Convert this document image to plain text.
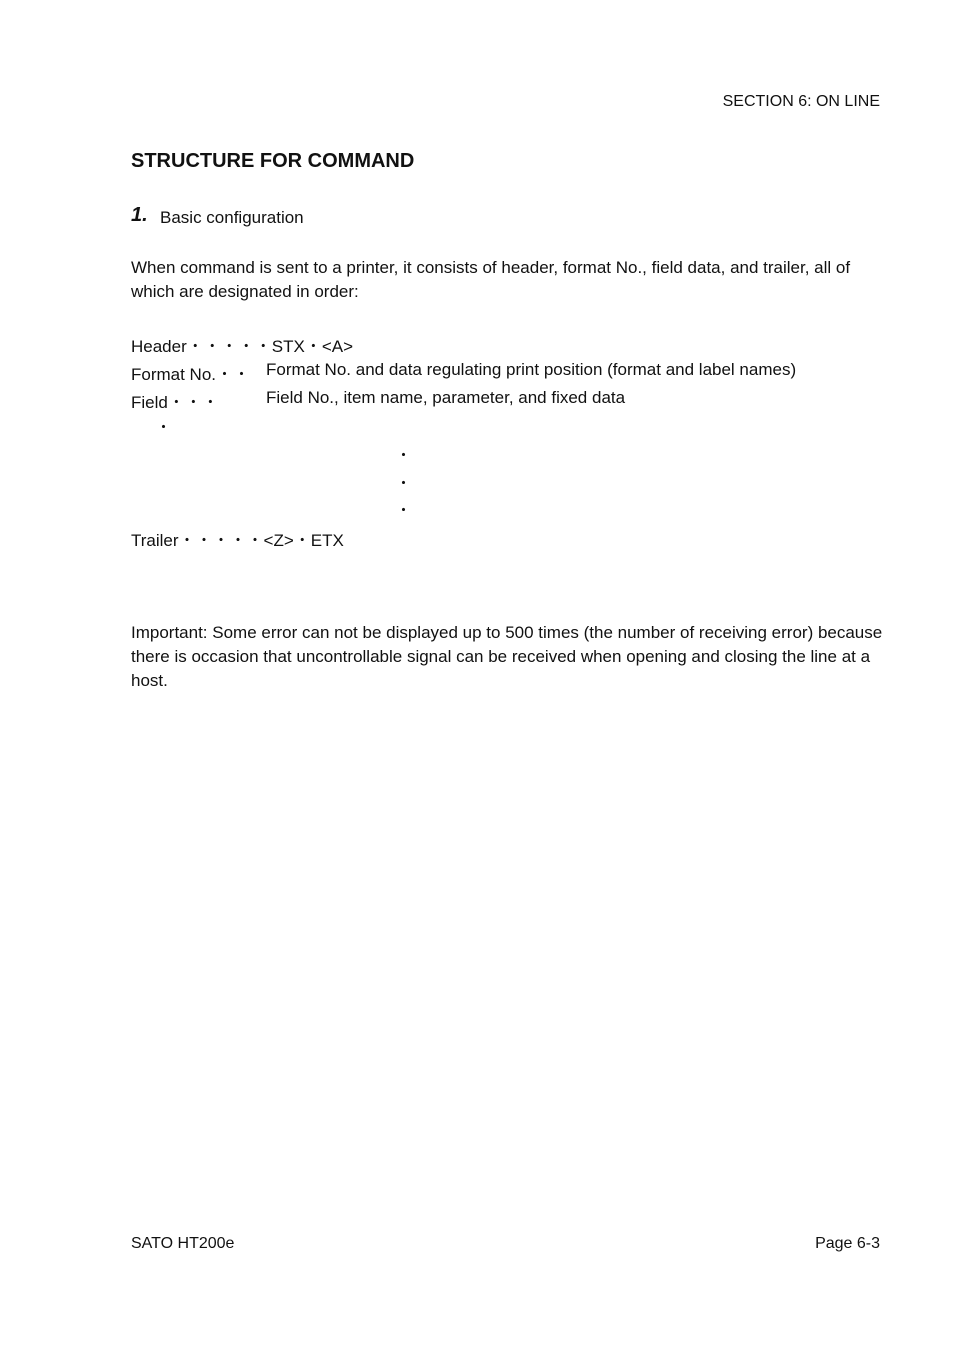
SECTION 6: ON LINE
STRUCTURE FOR COMMAND
1. Basic configuration
When command is sent to a printer, it consists of header, format No., field data, and trailer, all of which are designated in order:
Header・・・・・STX・<A>
Format No.・・ Format No. and data regulating print position (format and label names)
Field・・・	Field No., item name, parameter, and fixed data
・
・
・
・
Trailer・・・・・<Z>・ETX
Important: Some error can not be displayed up to 500 times (the number of receiving error) because there is occasion that uncontrollable signal can be received when opening and closing the line at a host.
SATO HT200e	Page 6-3
